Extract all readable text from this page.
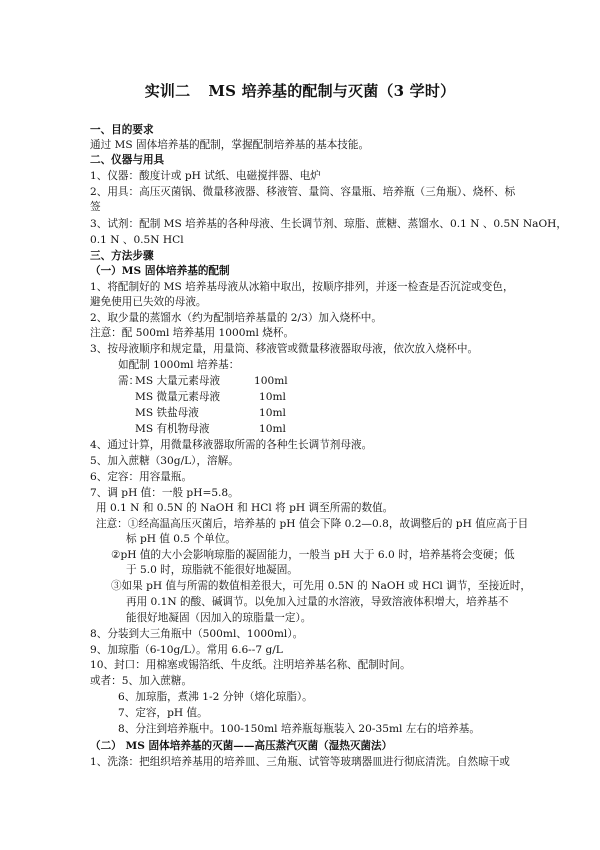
实训二 MS 培养基的配制与灭菌（3 学时）
一、目的要求
通过 MS 固体培养基的配制，掌握配制培养基的基本技能。
二、仪器与用具
1、仪器：酸度计或 pH 试纸、电磁搅拌器、电炉
2、用具：高压灭菌锅、微量移液器、移液管、量筒、容量瓶、培养瓶（三角瓶）、烧杯、标
签
3、试剂：配制 MS 培养基的各种母液、生长调节剂、琼脂、蔗糖、蒸馏水、0.1 N 、0.5N NaOH，
0.1 N 、0.5N HCl
三、方法步骤
（一）MS 固体培养基的配制
1、将配制好的 MS 培养基母液从冰箱中取出，按顺序排列，并逐一检查是否沉淀或变色，
避免使用已失效的母液。
2、取少量的蒸馏水（约为配制培养基量的 2/3）加入烧杯中。
注意：配 500ml 培养基用 1000ml 烧杯。
3、按母液顺序和规定量，用量筒、移液管或微量移液器取母液，依次放入烧杯中。
如配制 1000ml 培养基：
需：
MS 大量元素母液	100ml
MS 微量元素母液	10ml
MS 铁盐母液	10ml
MS 有机物母液	10ml
4、通过计算，用微量移液器取所需的各种生长调节剂母液。
5、加入蔗糖（30g/L），溶解。
6、定容：用容量瓶。
7、调 pH 值：一般 pH=5.8。
用 0.1 N 和 0.5N 的 NaOH 和 HCl 将 pH 调至所需的数值。
注意：①经高温高压灭菌后，培养基的 pH 值会下降 0.2—0.8，故调整后的 pH 值应高于目
标 pH 值 0.5 个单位。
②pH 值的大小会影响琼脂的凝固能力，一般当 pH 大于 6.0 时，培养基将会变硬；低
于 5.0 时，琼脂就不能很好地凝固。
③如果 pH 值与所需的数值相差很大，可先用 0.5N 的 NaOH 或 HCl 调节，至接近时，
再用 0.1N 的酸、碱调节。以免加入过量的水溶液，导致溶液体积增大，培养基不
能很好地凝固（因加入的琼脂量一定）。
8、分装到大三角瓶中（500ml、1000ml）。
9、加琼脂（6-10g/L）。常用 6.6--7 g/L
10、封口：用棉塞或锡箔纸、牛皮纸。注明培养基名称、配制时间。
或者：5、加入蔗糖。
6、加琼脂，煮沸 1-2 分钟（熔化琼脂）。
7、定容，pH 值。
8、分注到培养瓶中。100-150ml 培养瓶每瓶装入 20-35ml 左右的培养基。
（二） MS 固体培养基的灭菌——高压蒸汽灭菌（湿热灭菌法）
1、洗涤：把组织培养基用的培养皿、三角瓶、试管等玻璃器皿进行彻底清洗。自然晾干或
